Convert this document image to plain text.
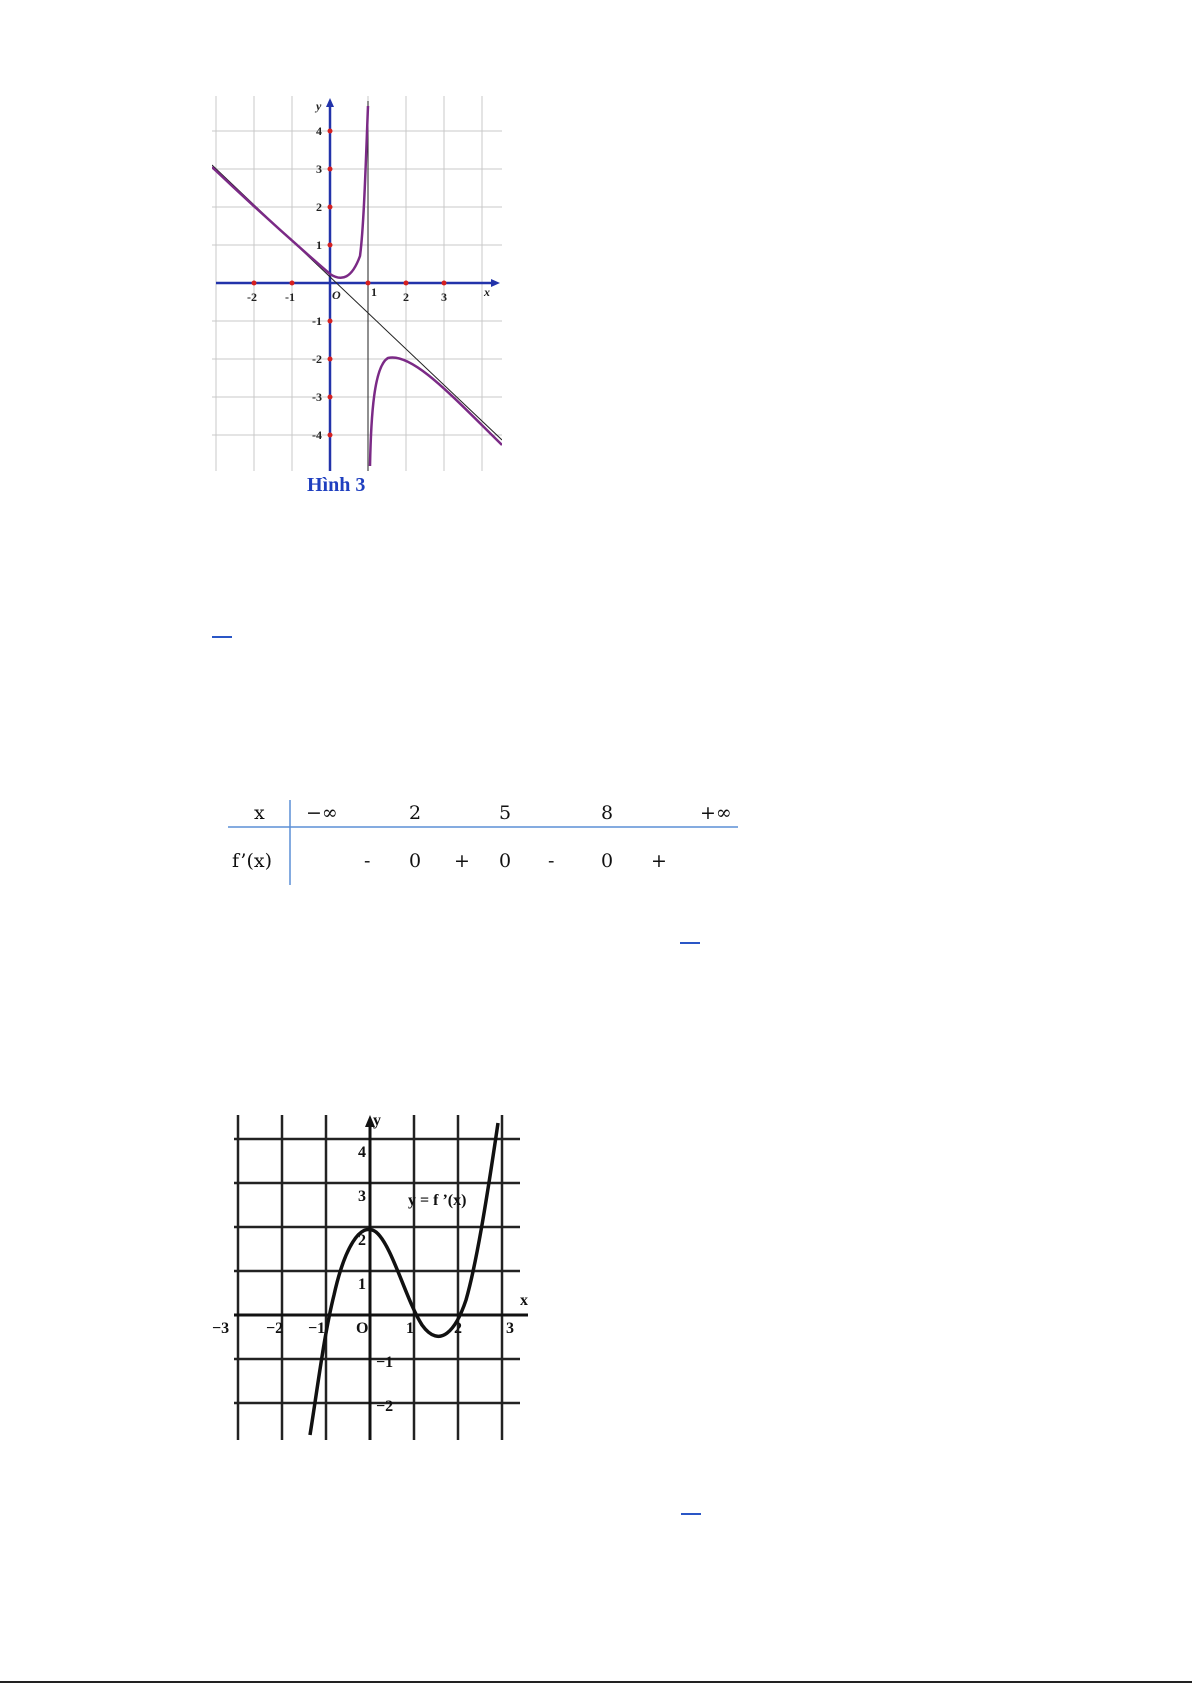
y
x
O
-2 -1	1 2	3
4
3
2
1
-1
-2
-3
-4
Hình 3
x −∞	2	5	8	+∞
f’(x)	- 0 + 0 - 0 +
y
x
O
y = f ’(x)
−3 −2 −1	1	2	3
4
3
2
1
−1
−2
